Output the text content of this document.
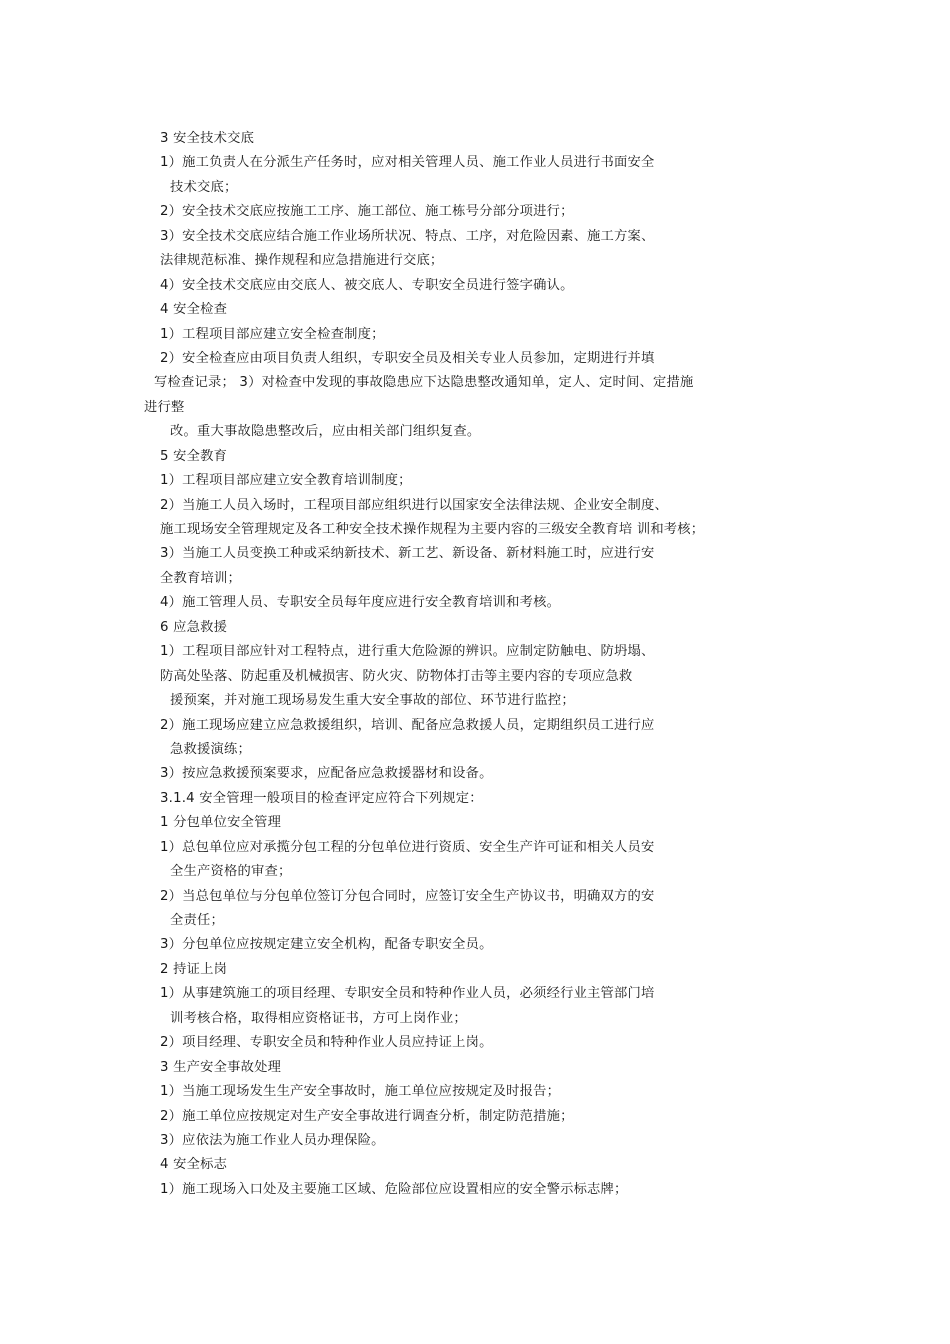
3 安全技术交底
1）施工负责人在分派生产任务时，应对相关管理人员、施工作业人员进行书面安全
技术交底；
2）安全技术交底应按施工工序、施工部位、施工栋号分部分项进行；
3）安全技术交底应结合施工作业场所状况、特点、工序，对危险因素、施工方案、
法律规范标准、操作规程和应急措施进行交底；
4）安全技术交底应由交底人、被交底人、专职安全员进行签字确认。
4 安全检查
1）工程项目部应建立安全检查制度；
2）安全检查应由项目负责人组织，专职安全员及相关专业人员参加，定期进行并填
写检查记录； 3）对检查中发现的事故隐患应下达隐患整改通知单，定人、定时间、定措施
进行整
改。重大事故隐患整改后，应由相关部门组织复查。
5 安全教育
1）工程项目部应建立安全教育培训制度；
2）当施工人员入场时，工程项目部应组织进行以国家安全法律法规、企业安全制度、
施工现场安全管理规定及各工种安全技术操作规程为主要内容的三级安全教育培 训和考核；
3）当施工人员变换工种或采纳新技术、新工艺、新设备、新材料施工时，应进行安
全教育培训；
4）施工管理人员、专职安全员每年度应进行安全教育培训和考核。
6 应急救援
1）工程项目部应针对工程特点，进行重大危险源的辨识。应制定防触电、防坍塌、
防高处坠落、防起重及机械损害、防火灾、防物体打击等主要内容的专项应急救
援预案，并对施工现场易发生重大安全事故的部位、环节进行监控；
2）施工现场应建立应急救援组织，培训、配备应急救援人员，定期组织员工进行应
急救援演练；
3）按应急救援预案要求，应配备应急救援器材和设备。
3.1.4 安全管理一般项目的检查评定应符合下列规定：
1 分包单位安全管理
1）总包单位应对承揽分包工程的分包单位进行资质、安全生产许可证和相关人员安
全生产资格的审查；
2）当总包单位与分包单位签订分包合同时，应签订安全生产协议书，明确双方的安
全责任；
3）分包单位应按规定建立安全机构，配备专职安全员。
2 持证上岗
1）从事建筑施工的项目经理、专职安全员和特种作业人员，必须经行业主管部门培
训考核合格，取得相应资格证书，方可上岗作业；
2）项目经理、专职安全员和特种作业人员应持证上岗。
3 生产安全事故处理
1）当施工现场发生生产安全事故时，施工单位应按规定及时报告；
2）施工单位应按规定对生产安全事故进行调查分析，制定防范措施；
3）应依法为施工作业人员办理保险。
4 安全标志
1）施工现场入口处及主要施工区域、危险部位应设置相应的安全警示标志牌；
